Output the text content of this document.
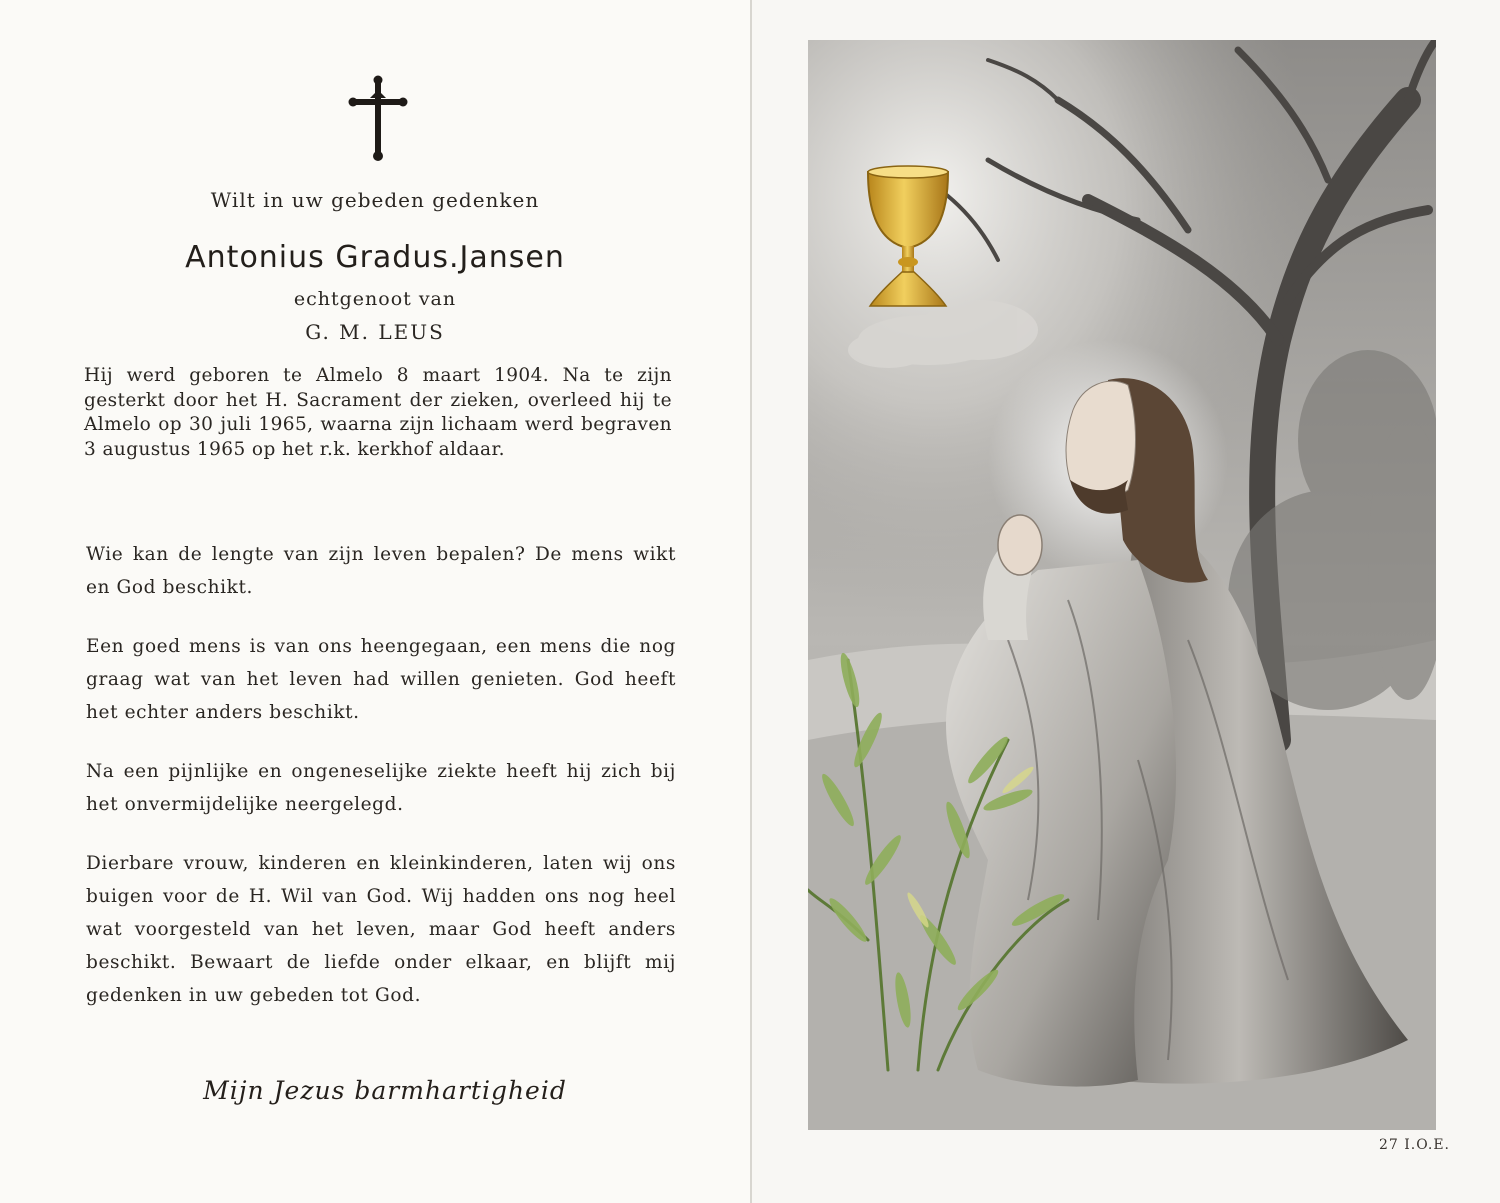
Wilt in uw gebeden gedenken
Antonius Gradus.Jansen
echtgenoot van
G. M. LEUS

Hij werd geboren te Almelo 8 maart 1904. Na te zijn gesterkt door het H. Sacrament der zieken, overleed hij te Almelo op 30 juli 1965, waarna zijn lichaam werd begraven 3 augustus 1965 op het r.k. kerkhof aldaar.

Wie kan de lengte van zijn leven bepalen? De mens wikt en God beschikt.

Een goed mens is van ons heengegaan, een mens die nog graag wat van het leven had willen genieten. God heeft het echter anders beschikt.

Na een pijnlijke en ongeneselijke ziekte heeft hij zich bij het onvermijdelijke neergelegd.

Dierbare vrouw, kinderen en kleinkinderen, laten wij ons buigen voor de H. Wil van God. Wij hadden ons nog heel wat voorgesteld van het leven, maar God heeft anders beschikt. Bewaart de liefde onder elkaar, en blijft mij gedenken in uw gebeden tot God.

Mijn Jezus barmhartigheid
27 I.O.E.
